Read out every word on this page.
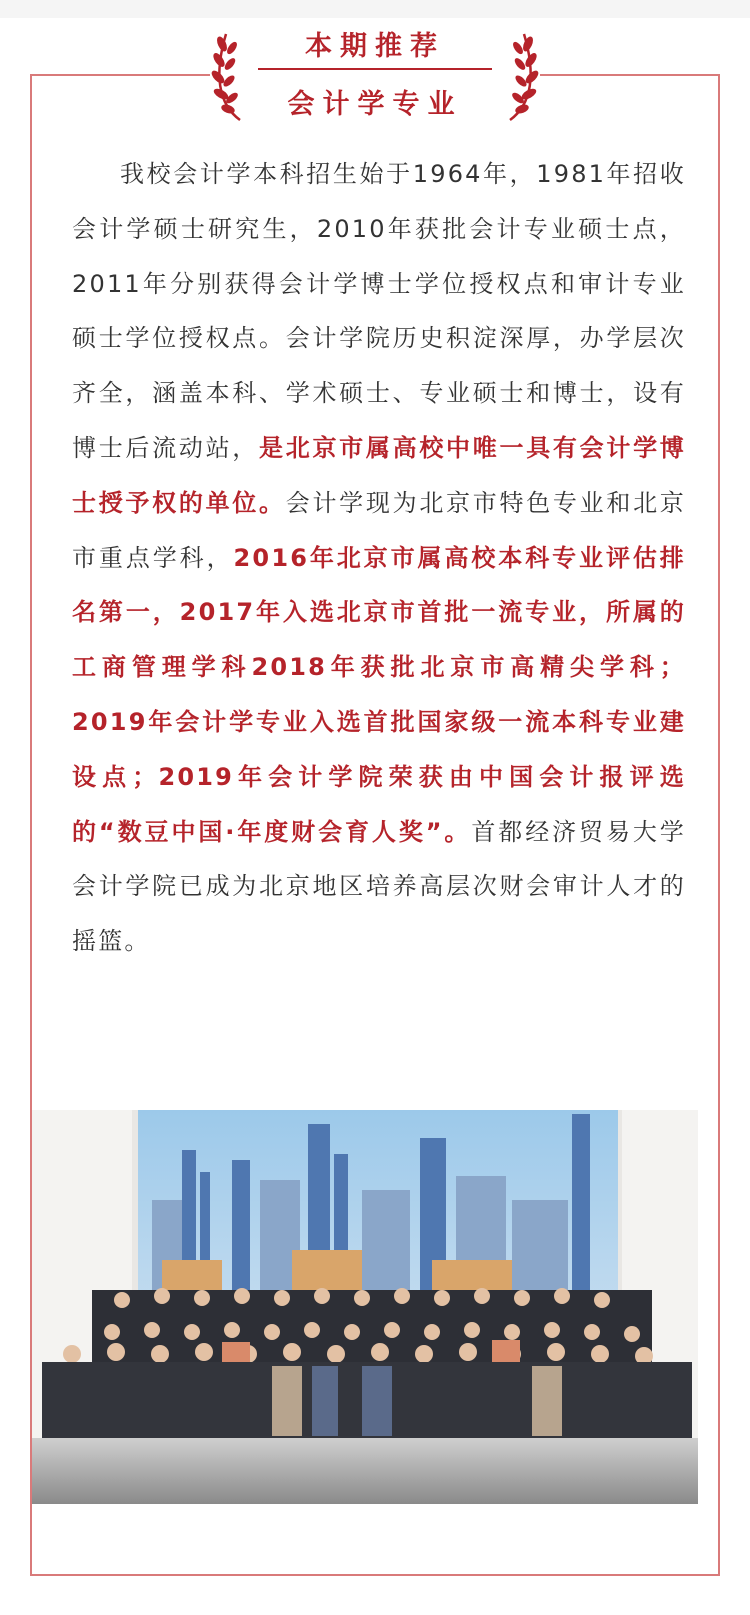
本期推荐
会计学专业

我校会计学本科招生始于1964年，1981年招收会计学硕士研究生，2010年获批会计专业硕士点，2011年分别获得会计学博士学位授权点和审计专业硕士学位授权点。会计学院历史积淀深厚，办学层次齐全，涵盖本科、学术硕士、专业硕士和博士，设有博士后流动站，是北京市属高校中唯一具有会计学博士授予权的单位。会计学现为北京市特色专业和北京市重点学科，2016年北京市属高校本科专业评估排名第一，2017年入选北京市首批一流专业，所属的工商管理学科2018年获批北京市高精尖学科；2019年会计学专业入选首批国家级一流本科专业建设点；2019年会计学院荣获由中国会计报评选的“数豆中国·年度财会育人奖”。首都经济贸易大学会计学院已成为北京地区培养高层次财会审计人才的摇篮。
